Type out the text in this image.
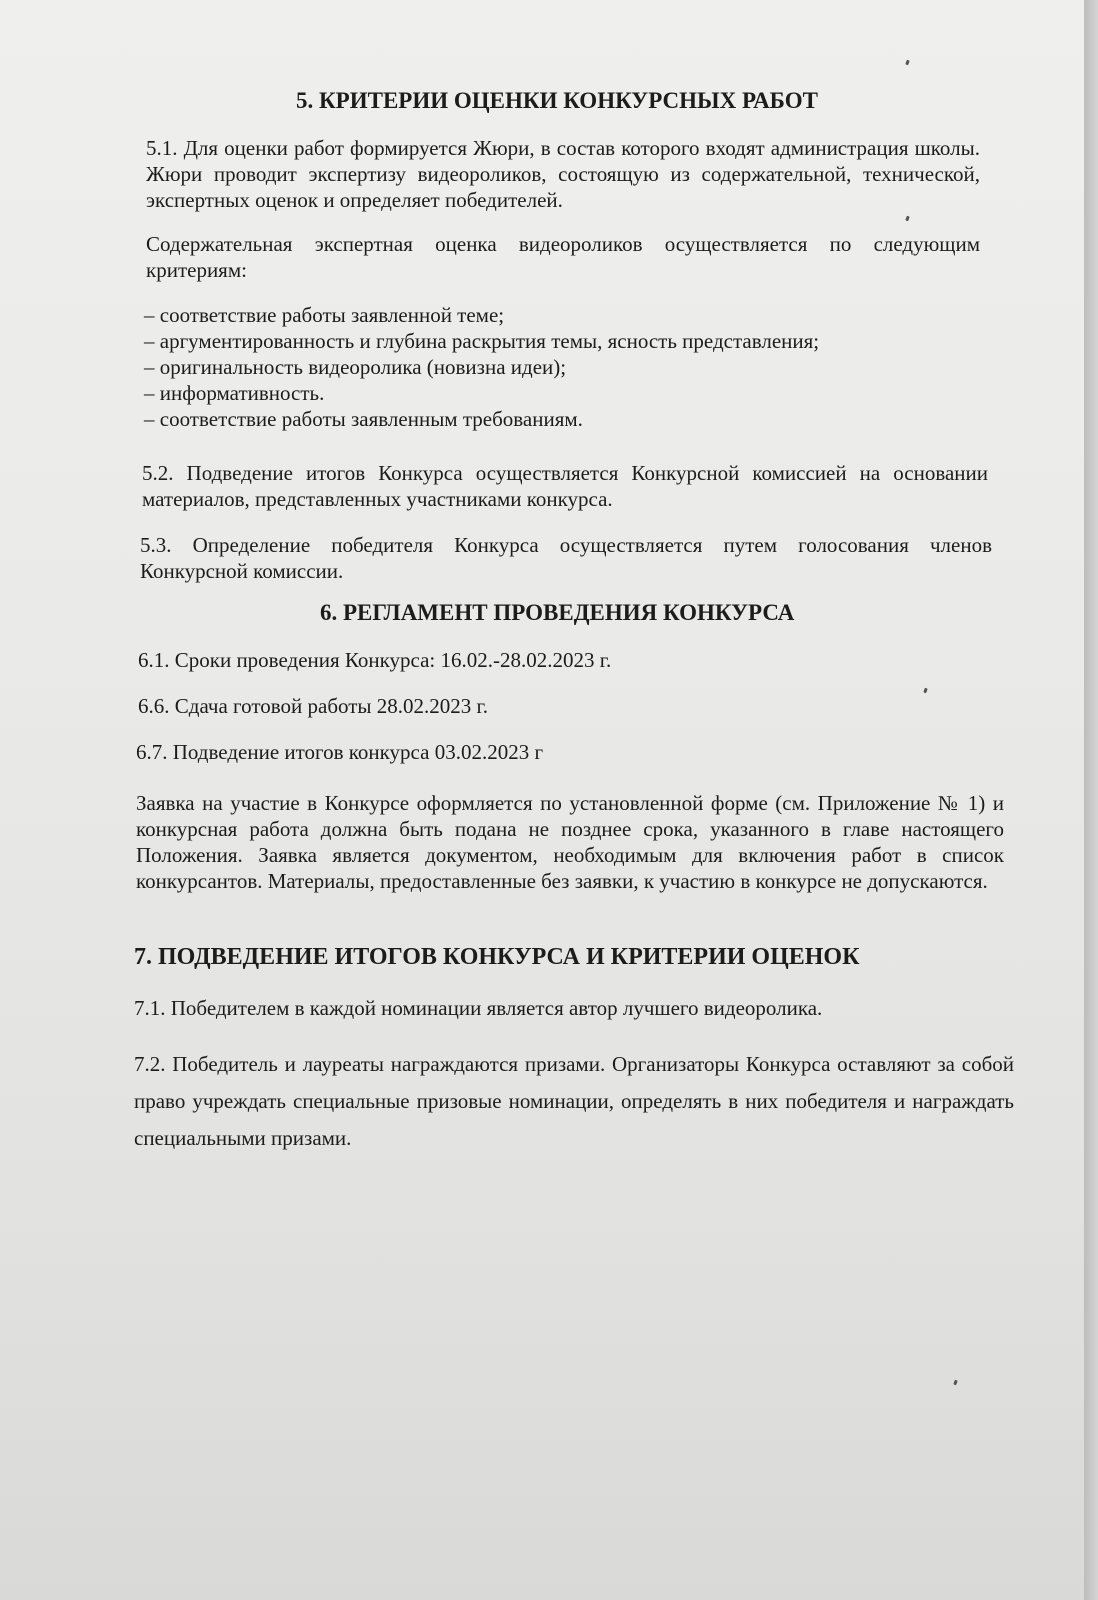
5. КРИТЕРИИ ОЦЕНКИ КОНКУРСНЫХ РАБОТ

5.1. Для оценки работ формируется Жюри, в состав которого входят администрация школы. Жюри проводит экспертизу видеороликов, состоящую из содержательной, технической, экспертных оценок и определяет победителей.

Содержательная экспертная оценка видеороликов осуществляется по следующим критериям:

– соответствие работы заявленной теме;
– аргументированность и глубина раскрытия темы, ясность представления;
– оригинальность видеоролика (новизна идеи);
– информативность.
– соответствие работы заявленным требованиям.

5.2. Подведение итогов Конкурса осуществляется Конкурсной комиссией на основании материалов, представленных участниками конкурса.

5.3. Определение победителя Конкурса осуществляется путем голосования членов Конкурсной комиссии.

6. РЕГЛАМЕНТ ПРОВЕДЕНИЯ КОНКУРСА

6.1. Сроки проведения Конкурса: 16.02.-28.02.2023 г.

6.6. Сдача готовой работы 28.02.2023 г.

6.7. Подведение итогов конкурса 03.02.2023 г

Заявка на участие в Конкурсе оформляется по установленной форме (см. Приложение № 1) и конкурсная работа должна быть подана не позднее срока, указанного в главе настоящего Положения. Заявка является документом, необходимым для включения работ в список конкурсантов. Материалы, предоставленные без заявки, к участию в конкурсе не допускаются.

7. ПОДВЕДЕНИЕ ИТОГОВ КОНКУРСА И КРИТЕРИИ ОЦЕНОК

7.1. Победителем в каждой номинации является автор лучшего видеоролика.

7.2. Победитель и лауреаты награждаются призами. Организаторы Конкурса оставляют за собой право учреждать специальные призовые номинации, определять в них победителя и награждать специальными призами.
